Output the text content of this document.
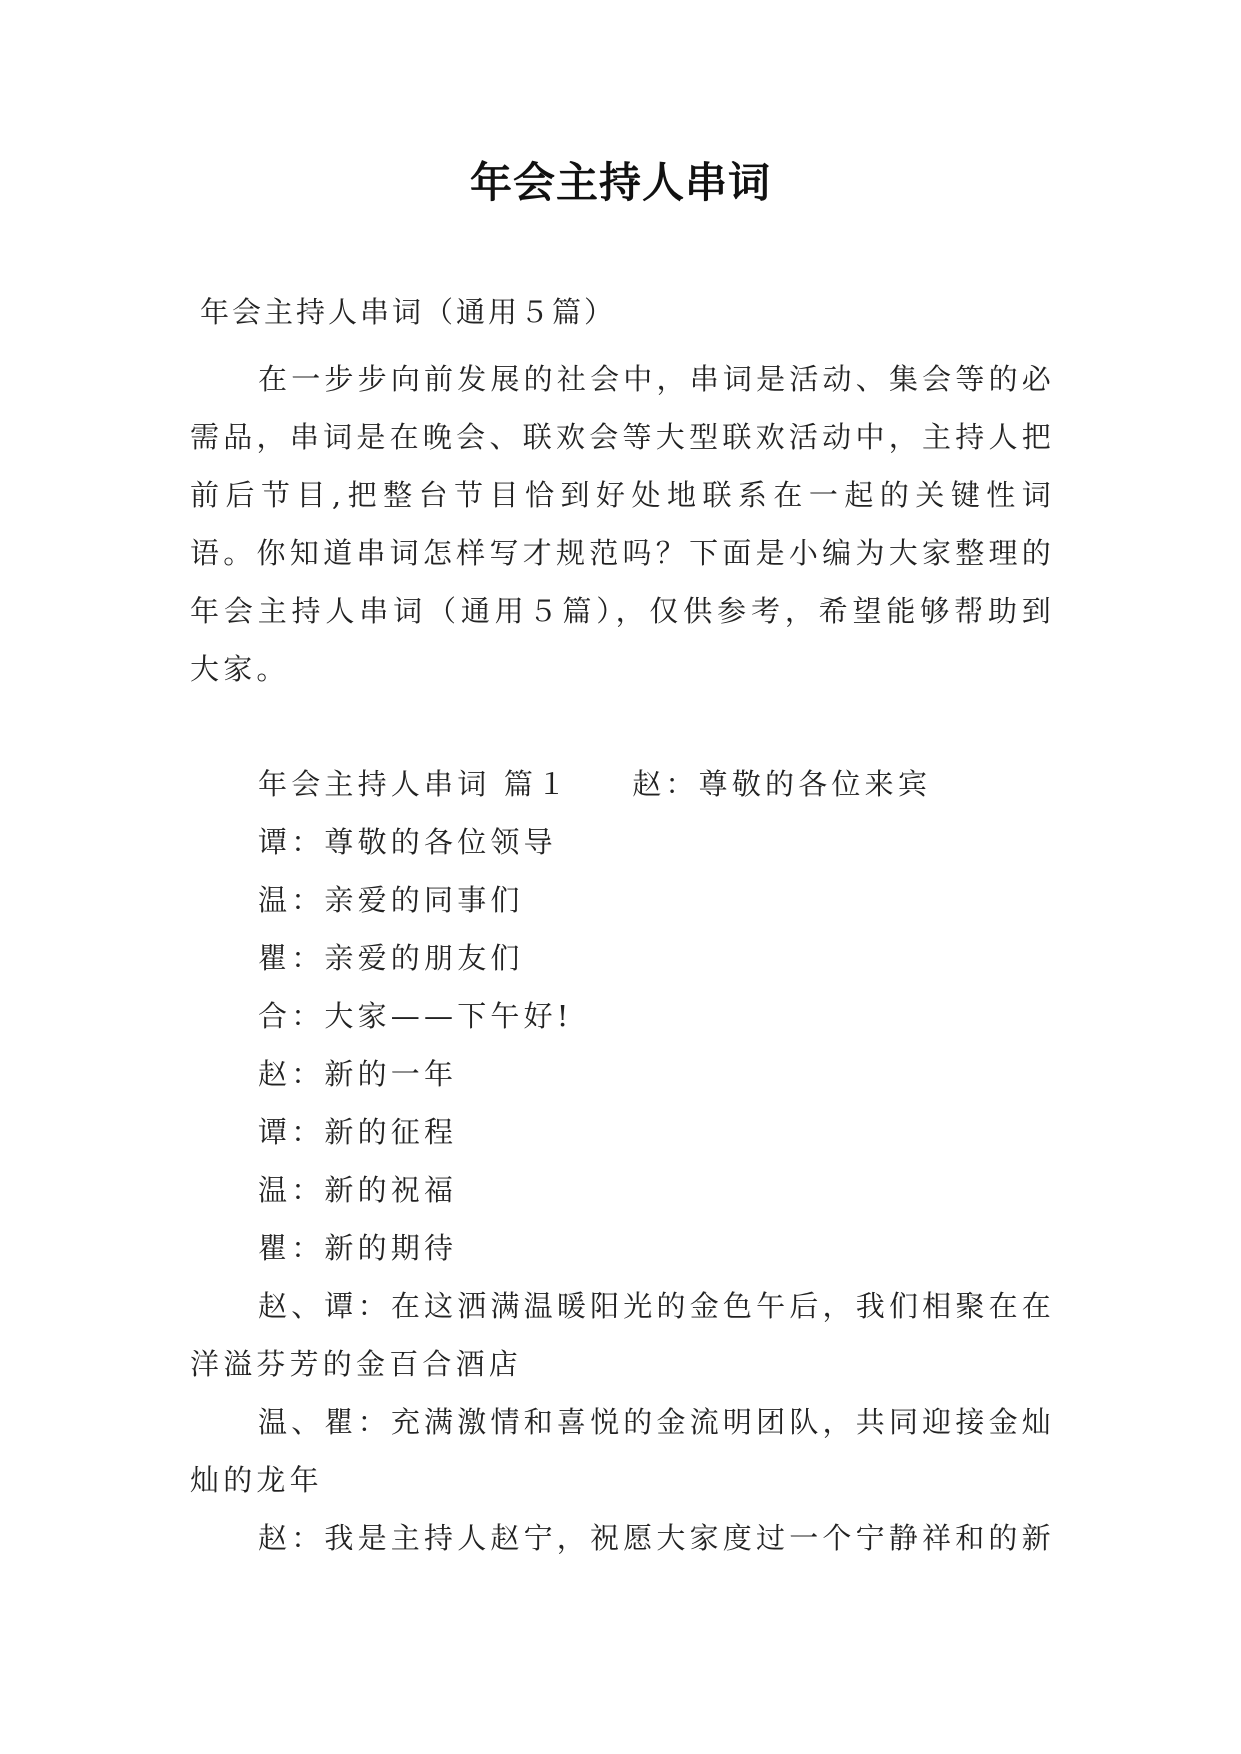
年会主持人串词
年会主持人串词（通用５篇）

在一步步向前发展的社会中，串词是活动、集会等的必需品，串词是在晚会、联欢会等大型联欢活动中，主持人把前后节目,把整台节目恰到好处地联系在一起的关键性词语。你知道串词怎样写才规范吗？下面是小编为大家整理的年会主持人串词（通用５篇），仅供参考，希望能够帮助到大家。

年会主持人串词 篇１ 赵：尊敬的各位来宾

谭：尊敬的各位领导

温：亲爱的同事们

瞿：亲爱的朋友们

合：大家——下午好!

赵：新的一年

谭：新的征程

温：新的祝福

瞿：新的期待

赵、谭：在这洒满温暖阳光的金色午后，我们相聚在在洋溢芬芳的金百合酒店

温、瞿：充满激情和喜悦的金流明团队，共同迎接金灿灿的龙年

赵：我是主持人赵宁，祝愿大家度过一个宁静祥和的新
